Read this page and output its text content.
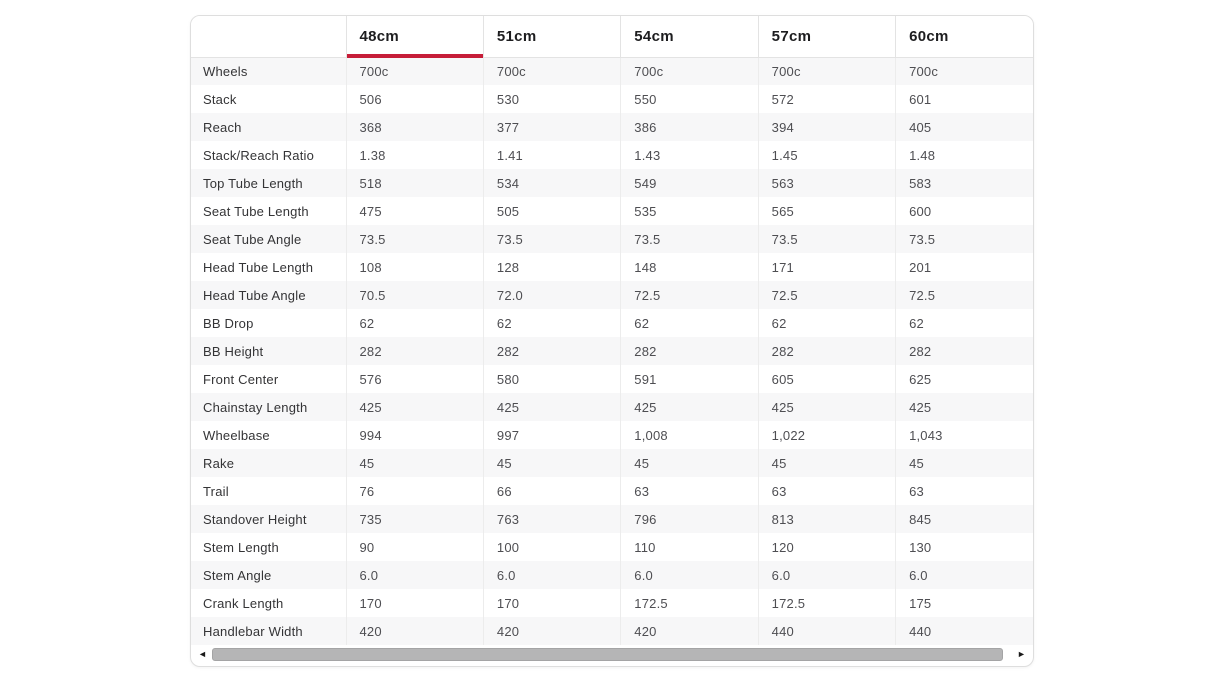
	48cm	51cm	54cm	57cm	60cm
Wheels	700c	700c	700c	700c	700c
Stack	506	530	550	572	601
Reach	368	377	386	394	405
Stack/Reach Ratio	1.38	1.41	1.43	1.45	1.48
Top Tube Length	518	534	549	563	583
Seat Tube Length	475	505	535	565	600
Seat Tube Angle	73.5	73.5	73.5	73.5	73.5
Head Tube Length	108	128	148	171	201
Head Tube Angle	70.5	72.0	72.5	72.5	72.5
BB Drop	62	62	62	62	62
BB Height	282	282	282	282	282
Front Center	576	580	591	605	625
Chainstay Length	425	425	425	425	425
Wheelbase	994	997	1,008	1,022	1,043
Rake	45	45	45	45	45
Trail	76	66	63	63	63
Standover Height	735	763	796	813	845
Stem Length	90	100	110	120	130
Stem Angle	6.0	6.0	6.0	6.0	6.0
Crank Length	170	170	172.5	172.5	175
Handlebar Width	420	420	420	440	440
◄	►
